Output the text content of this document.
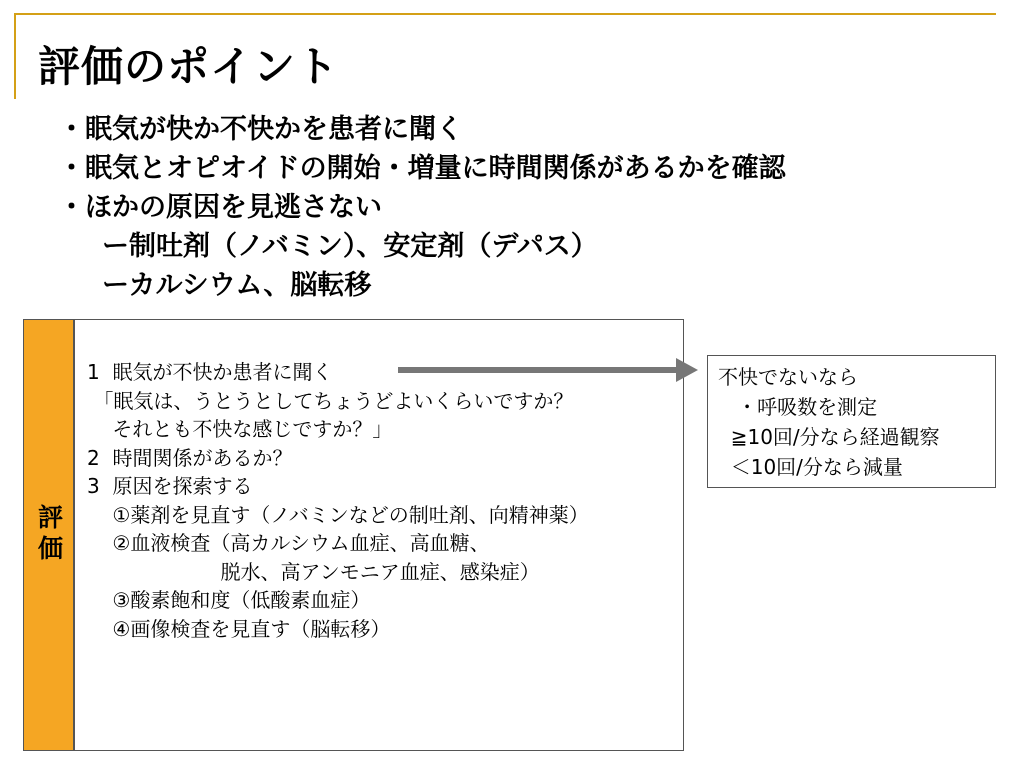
評価のポイント
・眠気が快か不快かを患者に聞く
・眠気とオピオイドの開始・増量に時間関係があるかを確認
・ほかの原因を見逃さない
ー制吐剤（ノバミン）、安定剤（デパス）
ーカルシウム、脳転移
評価
1  眠気が不快か患者に聞く
「眠気は、うとうとしてちょうどよいくらいですか？
それとも不快な感じですか？」
2  時間関係があるか？
3  原因を探索する
①薬剤を見直す（ノバミンなどの制吐剤、向精神薬）
②血液検査（高カルシウム血症、高血糖、
脱水、高アンモニア血症、感染症）
③酸素飽和度（低酸素血症）
④画像検査を見直す（脳転移）
不快でないなら
・呼吸数を測定
≧10回/分なら経過観察
＜10回/分なら減量
